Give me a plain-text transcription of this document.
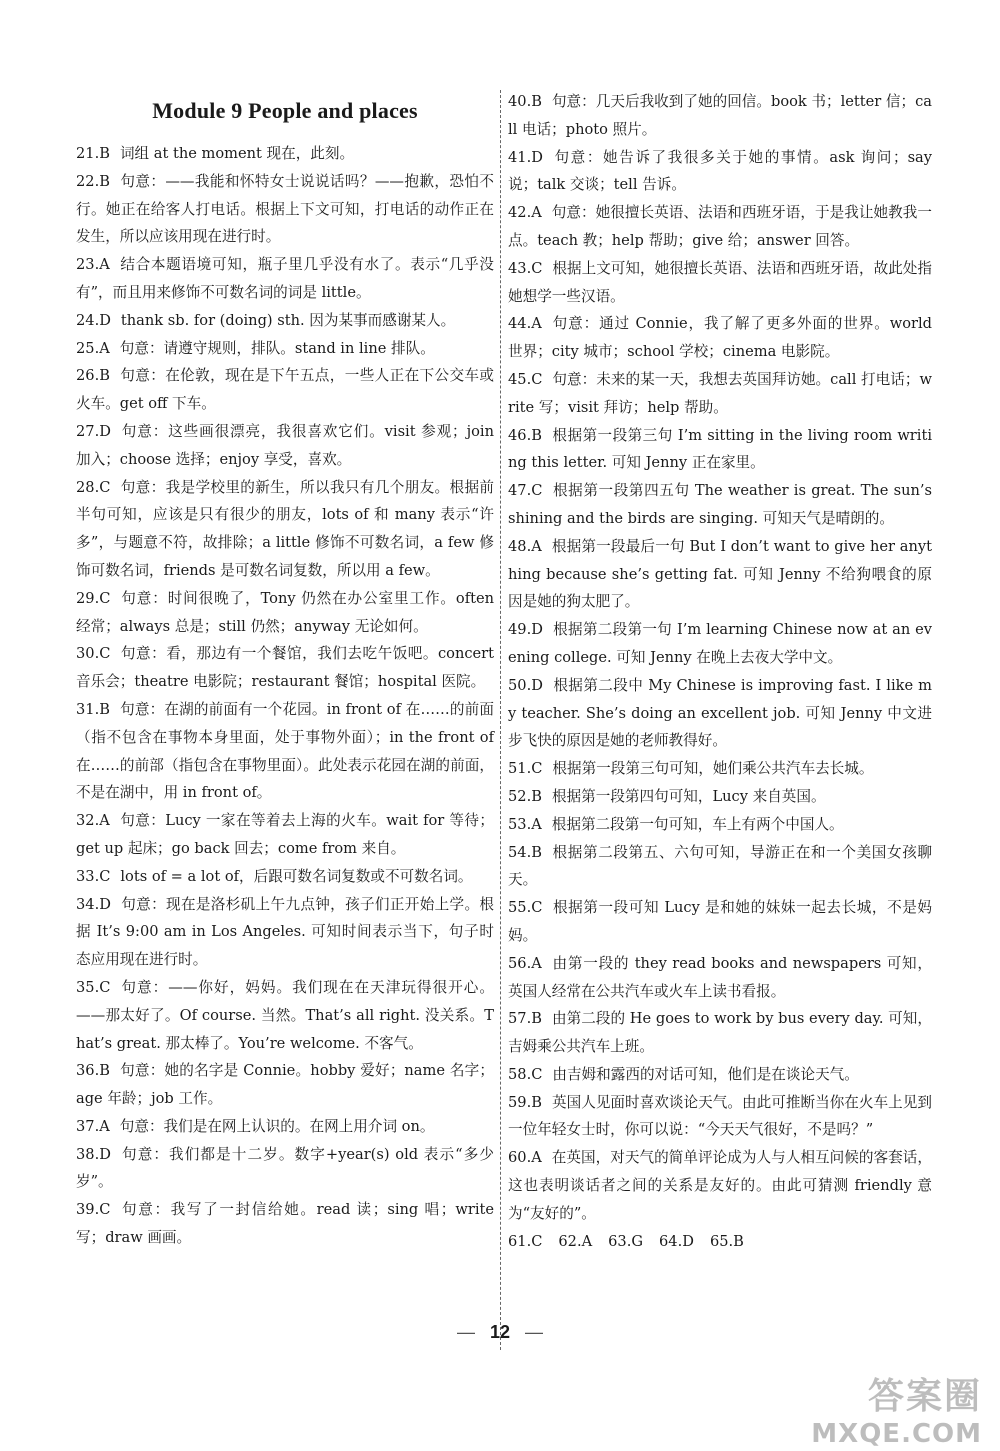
Module 9 People and places

21.B 词组 at the moment 现在，此刻。

22.B 句意：——我能和怀特女士说说话吗？——抱歉，恐怕不行。她正在给客人打电话。根据上下文可知，打电话的动作正在发生，所以应该用现在进行时。

23.A 结合本题语境可知，瓶子里几乎没有水了。表示“几乎没有”，而且用来修饰不可数名词的词是 little。

24.D thank sb. for (doing) sth. 因为某事而感谢某人。

25.A 句意：请遵守规则，排队。stand in line 排队。

26.B 句意：在伦敦，现在是下午五点，一些人正在下公交车或火车。get off 下车。

27.D 句意：这些画很漂亮，我很喜欢它们。visit 参观；join 加入；choose 选择；enjoy 享受，喜欢。

28.C 句意：我是学校里的新生，所以我只有几个朋友。根据前半句可知，应该是只有很少的朋友，lots of 和 many 表示“许多”，与题意不符，故排除；a little 修饰不可数名词，a few 修饰可数名词，friends 是可数名词复数，所以用 a few。

29.C 句意：时间很晚了，Tony 仍然在办公室里工作。often 经常；always 总是；still 仍然；anyway 无论如何。

30.C 句意：看，那边有一个餐馆，我们去吃午饭吧。concert 音乐会；theatre 电影院；restaurant 餐馆；hospital 医院。

31.B 句意：在湖的前面有一个花园。in front of 在……的前面（指不包含在事物本身里面，处于事物外面）；in the front of 在……的前部（指包含在事物里面）。此处表示花园在湖的前面，不是在湖中，用 in front of。

32.A 句意：Lucy 一家在等着去上海的火车。wait for 等待；get up 起床；go back 回去；come from 来自。

33.C lots of = a lot of，后跟可数名词复数或不可数名词。

34.D 句意：现在是洛杉矶上午九点钟，孩子们正开始上学。根据 It’s 9:00 am in Los Angeles. 可知时间表示当下，句子时态应用现在进行时。

35.C 句意：——你好，妈妈。我们现在在天津玩得很开心。——那太好了。Of course. 当然。That’s all right. 没关系。That’s great. 那太棒了。You’re welcome. 不客气。

36.B 句意：她的名字是 Connie。hobby 爱好；name 名字；age 年龄；job 工作。

37.A 句意：我们是在网上认识的。在网上用介词 on。

38.D 句意：我们都是十二岁。数字+year(s) old 表示“多少岁”。

39.C 句意：我写了一封信给她。read 读；sing 唱；write 写；draw 画画。

40.B 句意：几天后我收到了她的回信。book 书；letter 信；call 电话；photo 照片。

41.D 句意：她告诉了我很多关于她的事情。ask 询问；say 说；talk 交谈；tell 告诉。

42.A 句意：她很擅长英语、法语和西班牙语，于是我让她教我一点。teach 教；help 帮助；give 给；answer 回答。

43.C 根据上文可知，她很擅长英语、法语和西班牙语，故此处指她想学一些汉语。

44.A 句意：通过 Connie，我了解了更多外面的世界。world 世界；city 城市；school 学校；cinema 电影院。

45.C 句意：未来的某一天，我想去英国拜访她。call 打电话；write 写；visit 拜访；help 帮助。

46.B 根据第一段第三句 I’m sitting in the living room writing this letter. 可知 Jenny 正在家里。

47.C 根据第一段第四五句 The weather is great. The sun’s shining and the birds are singing. 可知天气是晴朗的。

48.A 根据第一段最后一句 But I don’t want to give her anything because she’s getting fat. 可知 Jenny 不给狗喂食的原因是她的狗太肥了。

49.D 根据第二段第一句 I’m learning Chinese now at an evening college. 可知 Jenny 在晚上去夜大学中文。

50.D 根据第二段中 My Chinese is improving fast. I like my teacher. She’s doing an excellent job. 可知 Jenny 中文进步飞快的原因是她的老师教得好。

51.C 根据第一段第三句可知，她们乘公共汽车去长城。

52.B 根据第一段第四句可知，Lucy 来自英国。

53.A 根据第二段第一句可知，车上有两个中国人。

54.B 根据第二段第五、六句可知，导游正在和一个美国女孩聊天。

55.C 根据第一段可知 Lucy 是和她的妹妹一起去长城，不是妈妈。

56.A 由第一段的 they read books and newspapers 可知，英国人经常在公共汽车或火车上读书看报。

57.B 由第二段的 He goes to work by bus every day. 可知，吉姆乘公共汽车上班。

58.C 由吉姆和露西的对话可知，他们是在谈论天气。

59.B 英国人见面时喜欢谈论天气。由此可推断当你在火车上见到一位年轻女士时，你可以说：“今天天气很好，不是吗？”

60.A 在英国，对天气的简单评论成为人与人相互问候的客套话，这也表明谈话者之间的关系是友好的。由此可猜测 friendly 意为“友好的”。

61.C 62.A 63.G 64.D 65.B
— 12 —
答案圈
MXQE.COM
